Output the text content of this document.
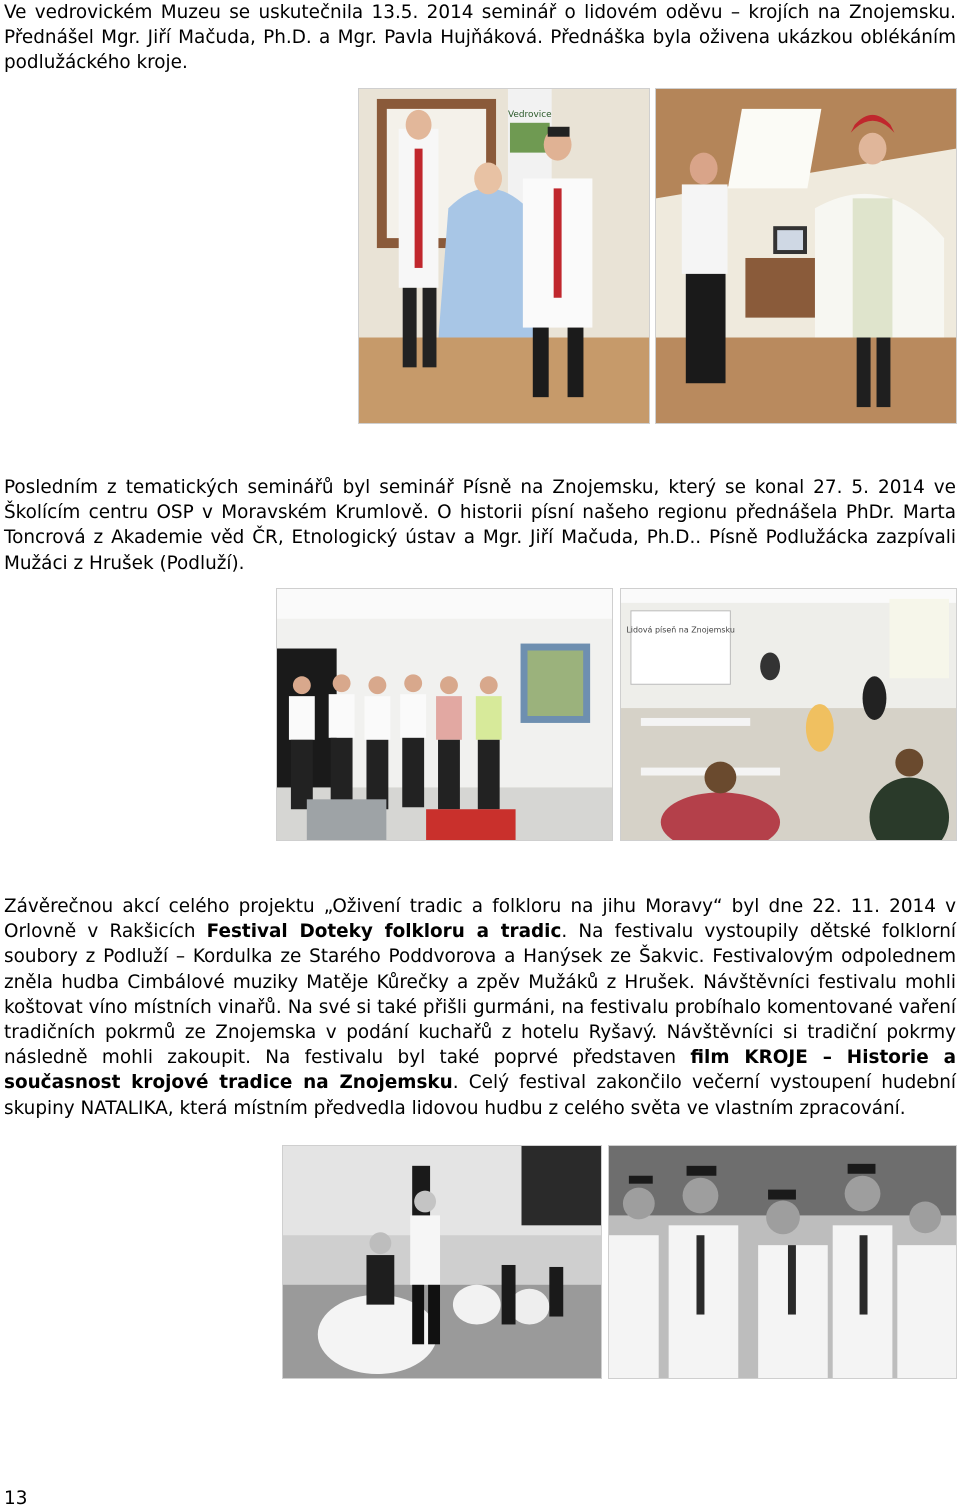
Ve vedrovickém Muzeu se uskutečnila 13.5. 2014 seminář o lidovém oděvu – krojích na Znojemsku. Přednášel Mgr. Jiří Mačuda, Ph.D. a Mgr. Pavla Hujňáková. Přednáška byla oživena ukázkou oblékáním podlužáckého kroje.

Vedrovice

Posledním z tematických seminářů byl seminář Písně na Znojemsku, který se konal 27. 5. 2014 ve Školícím centru OSP v Moravském Krumlově. O historii písní našeho regionu přednášela PhDr. Marta Toncrová z Akademie věd ČR, Etnologický ústav a Mgr. Jiří Mačuda, Ph.D.. Písně Podlužácka zazpívali Mužáci z Hrušek (Podluží).

Lidová píseň na Znojemsku

Závěrečnou akcí celého projektu „Oživení tradic a folkloru na jihu Moravy“ byl dne 22. 11. 2014 v Orlovně v Rakšicích Festival Doteky folkloru a tradic. Na festivalu vystoupily dětské folklorní soubory z Podluží – Kordulka ze Starého Poddvorova a Hanýsek ze Šakvic. Festivalovým odpolednem zněla hudba Cimbálové muziky Matěje Kůrečky a zpěv Mužáků z Hrušek. Návštěvníci festivalu mohli koštovat víno místních vinařů. Na své si také přišli gurmáni, na festivalu probíhalo komentované vaření tradičních pokrmů ze Znojemska v podání kuchařů z hotelu Ryšavý. Návštěvníci si tradiční pokrmy následně mohli zakoupit. Na festivalu byl také poprvé představen film KROJE – Historie a současnost krojové tradice na Znojemsku. Celý festival zakončilo večerní vystoupení hudební skupiny NATALIKA, která místním předvedla lidovou hudbu z celého světa ve vlastním zpracování.

13
